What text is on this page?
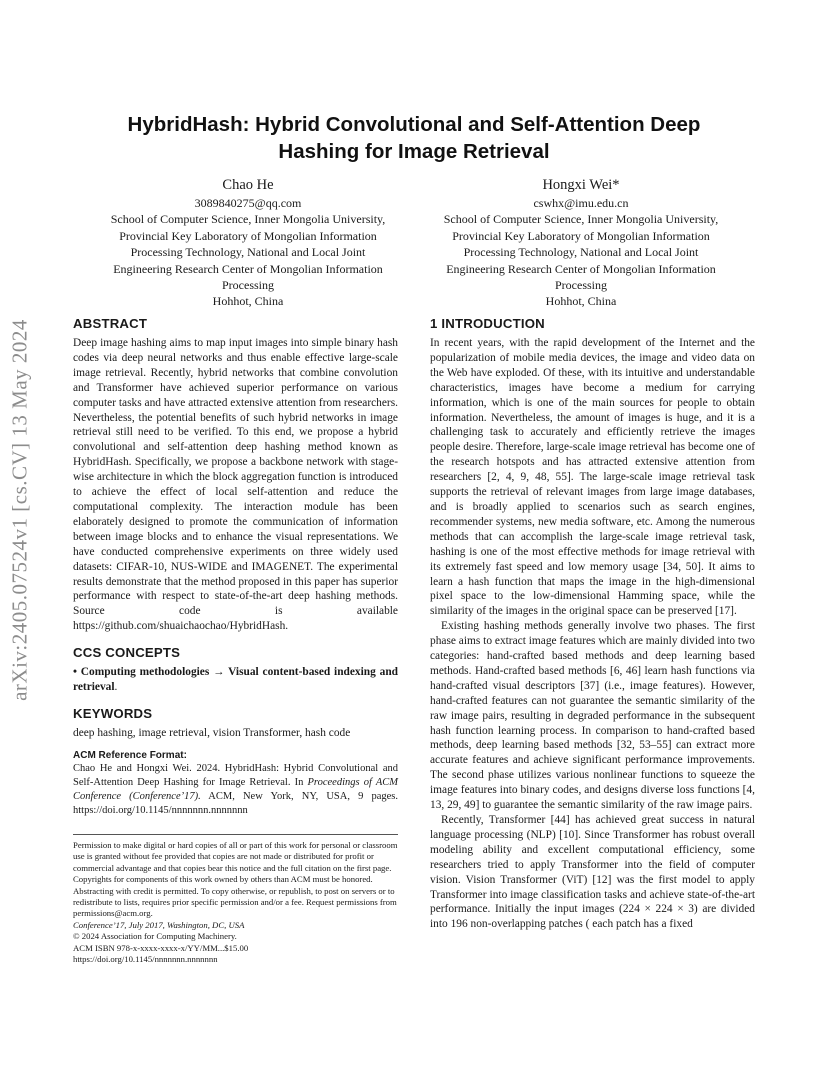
arXiv:2405.07524v1 [cs.CV] 13 May 2024
HybridHash: Hybrid Convolutional and Self-Attention Deep
Hashing for Image Retrieval
Chao He
3089840275@qq.com
School of Computer Science, Inner Mongolia University,
Provincial Key Laboratory of Mongolian Information
Processing Technology, National and Local Joint
Engineering Research Center of Mongolian Information
Processing
Hohhot, China
Hongxi Wei*
cswhx@imu.edu.cn
School of Computer Science, Inner Mongolia University,
Provincial Key Laboratory of Mongolian Information
Processing Technology, National and Local Joint
Engineering Research Center of Mongolian Information
Processing
Hohhot, China
ABSTRACT

Deep image hashing aims to map input images into simple binary hash codes via deep neural networks and thus enable effective large-scale image retrieval. Recently, hybrid networks that combine convolution and Transformer have achieved superior performance on various computer tasks and have attracted extensive attention from researchers. Nevertheless, the potential benefits of such hybrid networks in image retrieval still need to be verified. To this end, we propose a hybrid convolutional and self-attention deep hashing method known as HybridHash. Specifically, we propose a backbone network with stage-wise architecture in which the block aggregation function is introduced to achieve the effect of local self-attention and reduce the computational complexity. The interaction module has been elaborately designed to promote the communication of information between image blocks and to enhance the visual representations. We have conducted comprehensive experiments on three widely used datasets: CIFAR-10, NUS-WIDE and IMAGENET. The experimental results demonstrate that the method proposed in this paper has superior performance with respect to state-of-the-art deep hashing methods. Source code is available https://github.com/shuaichaochao/HybridHash.

CCS CONCEPTS

• Computing methodologies → Visual content-based indexing and retrieval.

KEYWORDS

deep hashing, image retrieval, vision Transformer, hash code

ACM Reference Format:

Chao He and Hongxi Wei. 2024. HybridHash: Hybrid Convolutional and Self-Attention Deep Hashing for Image Retrieval. In Proceedings of ACM Conference (Conference’17). ACM, New York, NY, USA, 9 pages. https://doi.org/10.1145/nnnnnnn.nnnnnnn

Permission to make digital or hard copies of all or part of this work for personal or classroom use is granted without fee provided that copies are not made or distributed for profit or commercial advantage and that copies bear this notice and the full citation on the first page. Copyrights for components of this work owned by others than ACM must be honored. Abstracting with credit is permitted. To copy otherwise, or republish, to post on servers or to redistribute to lists, requires prior specific permission and/or a fee. Request permissions from permissions@acm.org.

Conference’17, July 2017, Washington, DC, USA

© 2024 Association for Computing Machinery.

ACM ISBN 978-x-xxxx-xxxx-x/YY/MM...$15.00

https://doi.org/10.1145/nnnnnnn.nnnnnnn

1 INTRODUCTION

In recent years, with the rapid development of the Internet and the popularization of mobile media devices, the image and video data on the Web have exploded. Of these, with its intuitive and understandable characteristics, images have become a medium for carrying information, which is one of the main sources for people to obtain information. Nevertheless, the amount of images is huge, and it is a challenging task to accurately and efficiently retrieve the images people desire. Therefore, large-scale image retrieval has become one of the research hotspots and has attracted extensive attention from researchers [2, 4, 9, 48, 55]. The large-scale image retrieval task supports the retrieval of relevant images from large image databases, and is broadly applied to scenarios such as search engines, recommender systems, new media software, etc. Among the numerous methods that can accomplish the large-scale image retrieval task, hashing is one of the most effective methods for image retrieval with its extremely fast speed and low memory usage [34, 50]. It aims to learn a hash function that maps the image in the high-dimensional pixel space to the low-dimensional Hamming space, while the similarity of the images in the original space can be preserved [17].

Existing hashing methods generally involve two phases. The first phase aims to extract image features which are mainly divided into two categories: hand-crafted based methods and deep learning based methods. Hand-crafted based methods [6, 46] learn hash functions via hand-crafted visual descriptors [37] (i.e., image features). However, hand-crafted features can not guarantee the semantic similarity of the raw image pairs, resulting in degraded performance in the subsequent hash function learning process. In comparison to hand-crafted based methods, deep learning based methods [32, 53–55] can extract more accurate features and achieve significant performance improvements. The second phase utilizes various nonlinear functions to squeeze the image features into binary codes, and designs diverse loss functions [4, 13, 29, 49] to guarantee the semantic similarity of the raw image pairs.

Recently, Transformer [44] has achieved great success in natural language processing (NLP) [10]. Since Transformer has robust overall modeling ability and excellent computational efficiency, some researchers tried to apply Transformer into the field of computer vision. Vision Transformer (ViT) [12] was the first model to apply Transformer into image classification tasks and achieve state-of-the-art performance. Initially the input images (224 × 224 × 3) are divided into 196 non-overlapping patches ( each patch has a fixed
